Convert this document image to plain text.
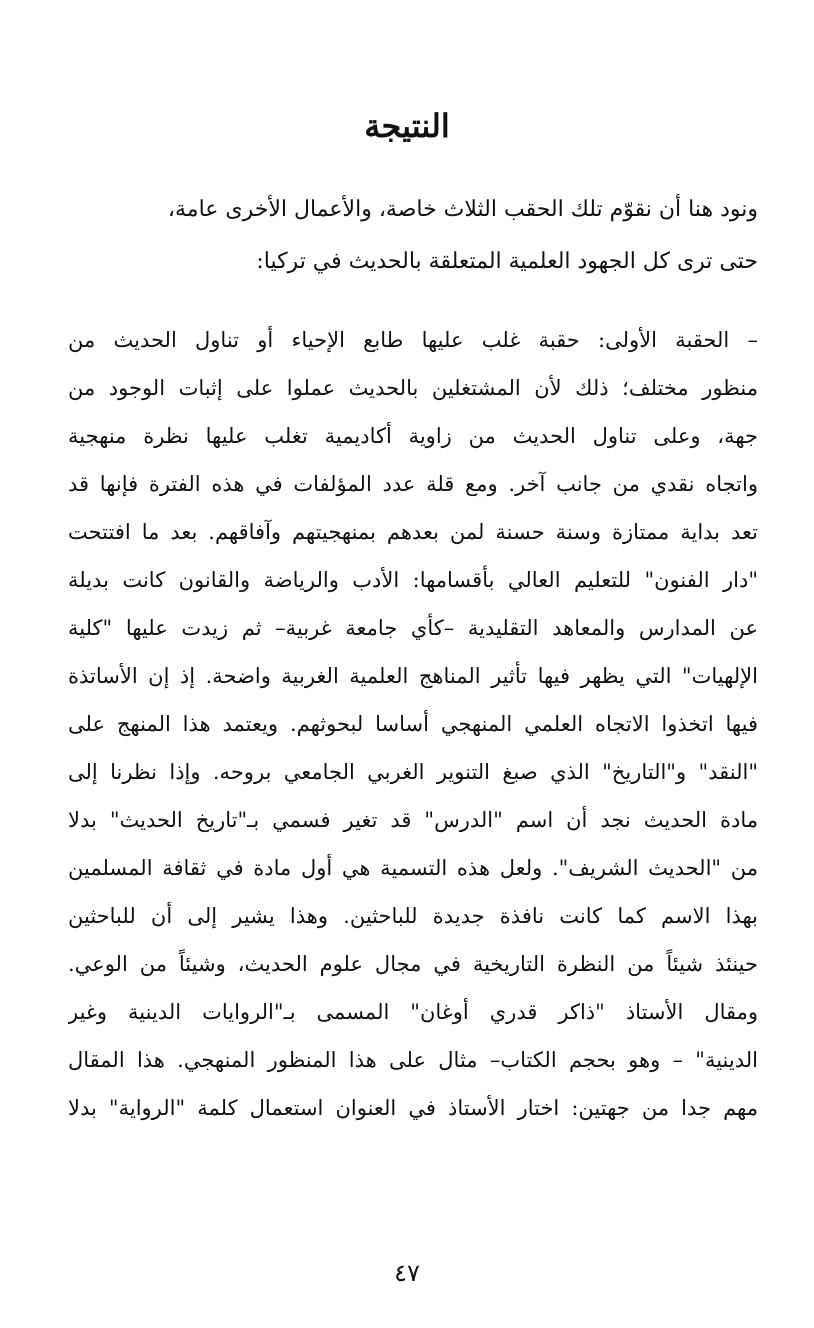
النتيجة

ونود هنا أن نقوّم تلك الحقب الثلاث خاصة، والأعمال الأخرى عامة،
حتى ترى كل الجهود العلمية المتعلقة بالحديث في تركيا:

– الحقبة الأولى: حقبة غلب عليها طابع الإحياء أو تناول الحديث من
منظور مختلف؛ ذلك لأن المشتغلين بالحديث عملوا على إثبات الوجود من
جهة، وعلى تناول الحديث من زاوية أكاديمية تغلب عليها نظرة منهجية
واتجاه نقدي من جانب آخر. ومع قلة عدد المؤلفات في هذه الفترة فإنها قد
تعد بداية ممتازة وسنة حسنة لمن بعدهم بمنهجيتهم وآفاقهم. بعد ما افتتحت
"دار الفنون" للتعليم العالي بأقسامها: الأدب والرياضة والقانون كانت بديلة
عن المدارس والمعاهد التقليدية –كأي جامعة غربية– ثم زيدت عليها "كلية
الإلهيات" التي يظهر فيها تأثير المناهج العلمية الغربية واضحة. إذ إن الأساتذة
فيها اتخذوا الاتجاه العلمي المنهجي أساسا لبحوثهم. ويعتمد هذا المنهج على
"النقد" و"التاريخ" الذي صبغ التنوير الغربي الجامعي بروحه. وإذا نظرنا إلى
مادة الحديث نجد أن اسم "الدرس" قد تغير فسمي بـ"تاريخ الحديث" بدلا
من "الحديث الشريف". ولعل هذه التسمية هي أول مادة في ثقافة المسلمين
بهذا الاسم كما كانت نافذة جديدة للباحثين. وهذا يشير إلى أن للباحثين
حينئذ شيئاً من النظرة التاريخية في مجال علوم الحديث، وشيئاً من الوعي.
ومقال الأستاذ "ذاكر قدري أوغان" المسمى بـ"الروايات الدينية وغير
الدينية" – وهو بحجم الكتاب– مثال على هذا المنظور المنهجي. هذا المقال
مهم جدا من جهتين: اختار الأستاذ في العنوان استعمال كلمة "الرواية" بدلا
٤٧
